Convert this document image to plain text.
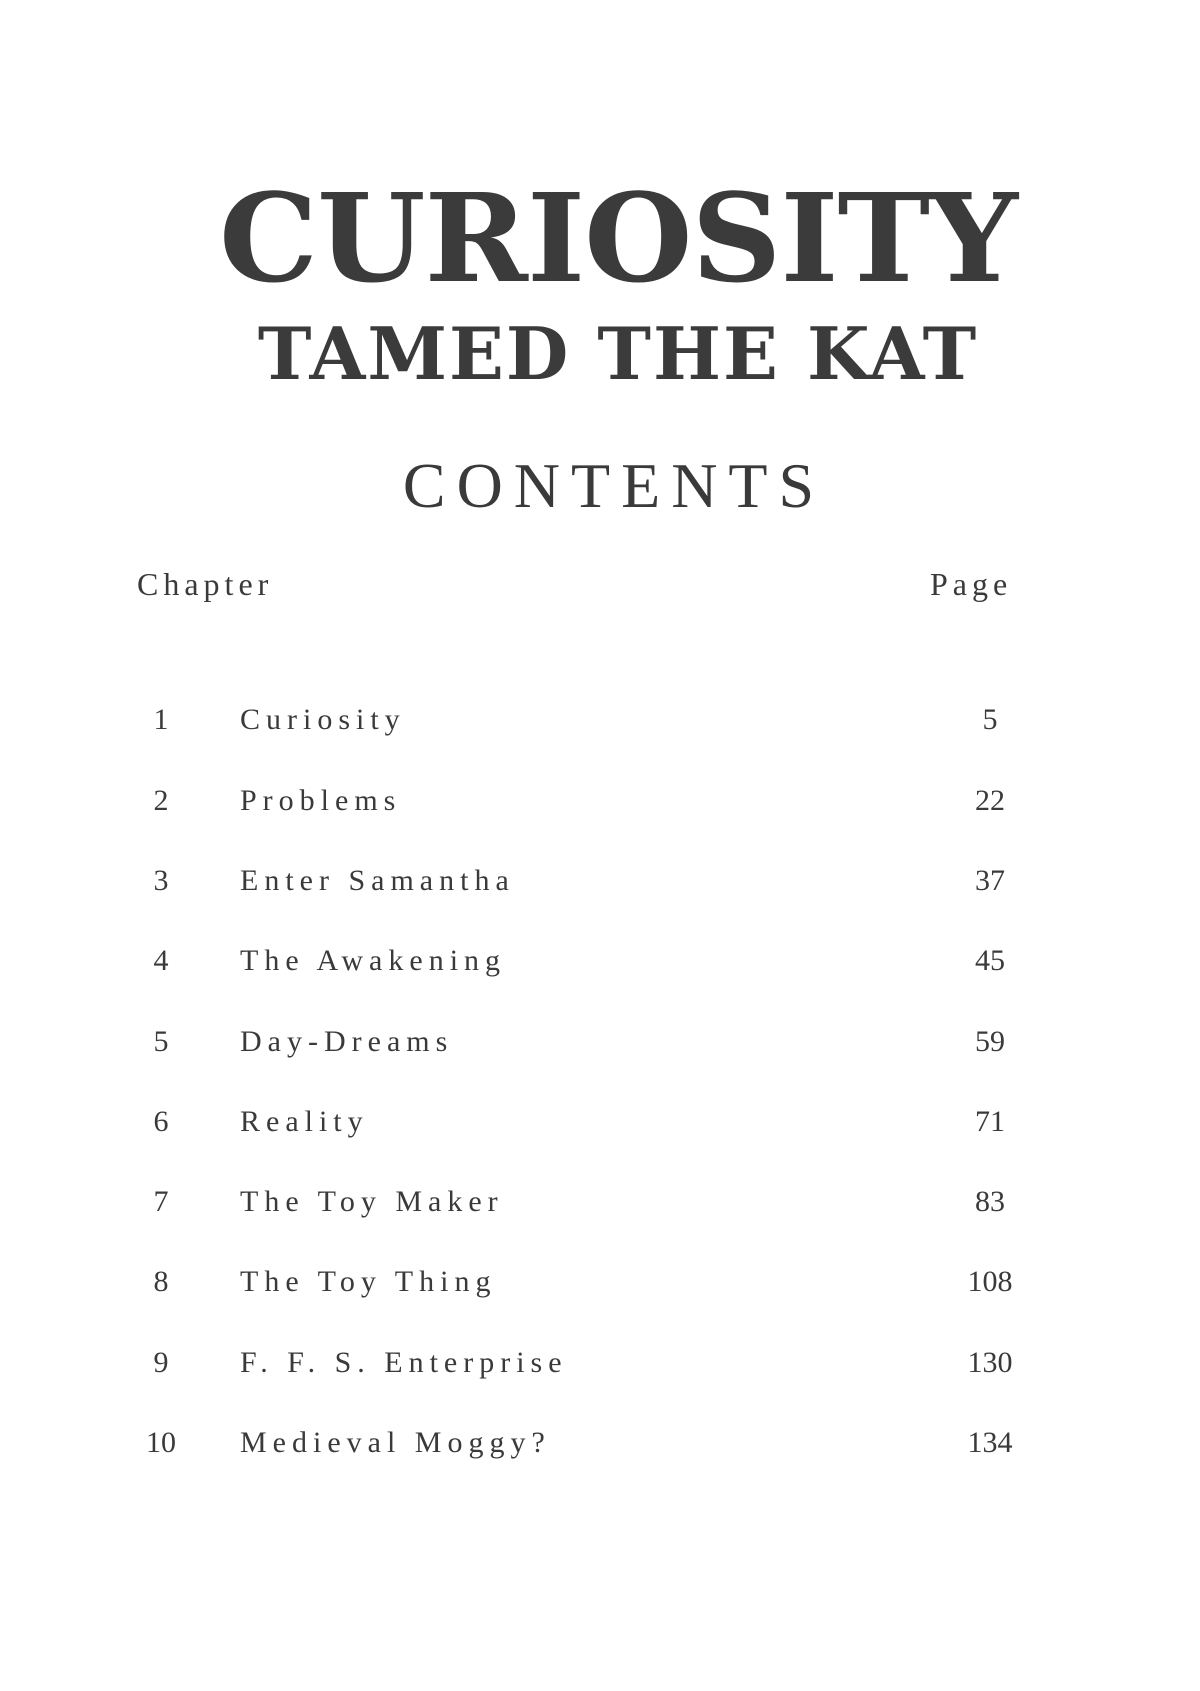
CURIOSITY
TAMED THE KAT
CONTENTS
Chapter	Page
1	Curiosity	5
2	Problems	22
3	Enter Samantha	37
4	The Awakening	45
5	Day-Dreams	59
6	Reality	71
7	The Toy Maker	83
8	The Toy Thing	108
9	F. F. S. Enterprise	130
10	Medieval Moggy?	134
